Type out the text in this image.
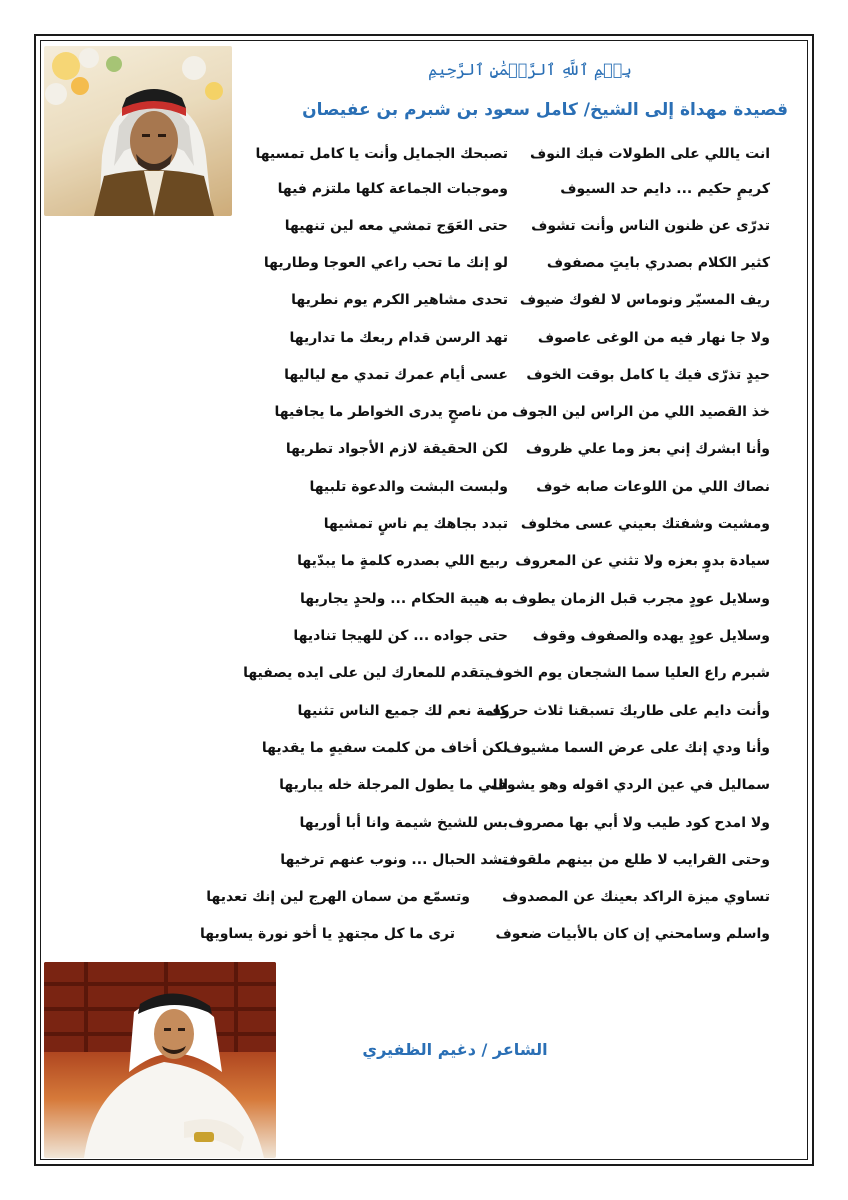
بِسۡمِ ٱللَّهِ ٱلرَّحۡمَٰنِ ٱلرَّحِيمِ
قصيدة مهداة إلى الشيخ/ كامل سعود بن شبرم بن عفيصان
انت ياللي على الطولات فيك النوف
تصبحك الجمايل وأنت يا كامل تمسيها
كريمٍ حكيم ... دايم حد السيوف
وموجبات الجماعة كلها ملتزم فيها
تدرّى عن ظنون الناس وأنت تشوف
حتى العَوَج تمشي معه لين تنهيها
كثير الكلام بصدري بايتٍ مصفوف
لو إنك ما تحب راعي العوجا وطاريها
ريف المسيّر ونوماس لا لفوك ضيوف
تحدى مشاهير الكرم يوم نطريها
ولا جا نهار فيه من الوغى عاصوف
تهد الرسن قدام ربعك ما تداريها
حيدٍ تذرّى فيك يا كامل بوقت الخوف
عسى أيام عمرك تمدي مع لياليها
خذ القصيد اللي من الراس لين الجوف
من ناصحٍ يدرى الخواطر ما يجافيها
وأنا ابشرك إني بعز وما علي ظروف
لكن الحقيقة لازم الأجواد تطريها
نصاك اللي من اللوعات صابه خوف
ولبست البشت والدعوة تلبيها
ومشيت وشفتك بعيني عسى مخلوف
تبدد بجاهك يم ناسٍ تمشيها
سيادة بدوٍ بعزه ولا تثني عن المعروف
ربيع اللي بصدره كلمةٍ ما يبدّيها
وسلايل عودٍ مجرب قبل الزمان يطوف
به هيبة الحكام ... ولحدٍ يجاريها
وسلايل عودٍ يهده والصفوف وقوف
حتى جواده ... كن للهيجا تناديها
شبرم راع العليا سما الشجعان يوم الخوف
يتقدم للمعارك لين على ايده يصفيها
وأنت دايم على طاريك تسبقنا ثلاث حروف
كلمة نعم لك جميع الناس تثنيها
وأنا ودي إنك على عرض السما مشيوف
لكن أخاف من كلمت سفيهٍ ما يقديها
سماليل في عين الردي اقوله وهو يشوف
اللي ما يطول المرجلة خله يباريها
ولا امدح كود طيب ولا أبي بها مصروف
بس للشيخ شيمة وانا أبا أوريها
وحتى القرايب لا طلع من بينهم ملقوف
تشد الحبال ... ونوب عنهم ترخيها
تساوي ميزة الراكد بعينك عن المصدوف
وتسمّع من سمان الهرج لين إنك تعديها
واسلم وسامحني إن كان بالأبيات ضعوف
ترى ما كل مجتهدٍ يا أخو نورة يساويها
الشاعر / دغيم الظفيري
